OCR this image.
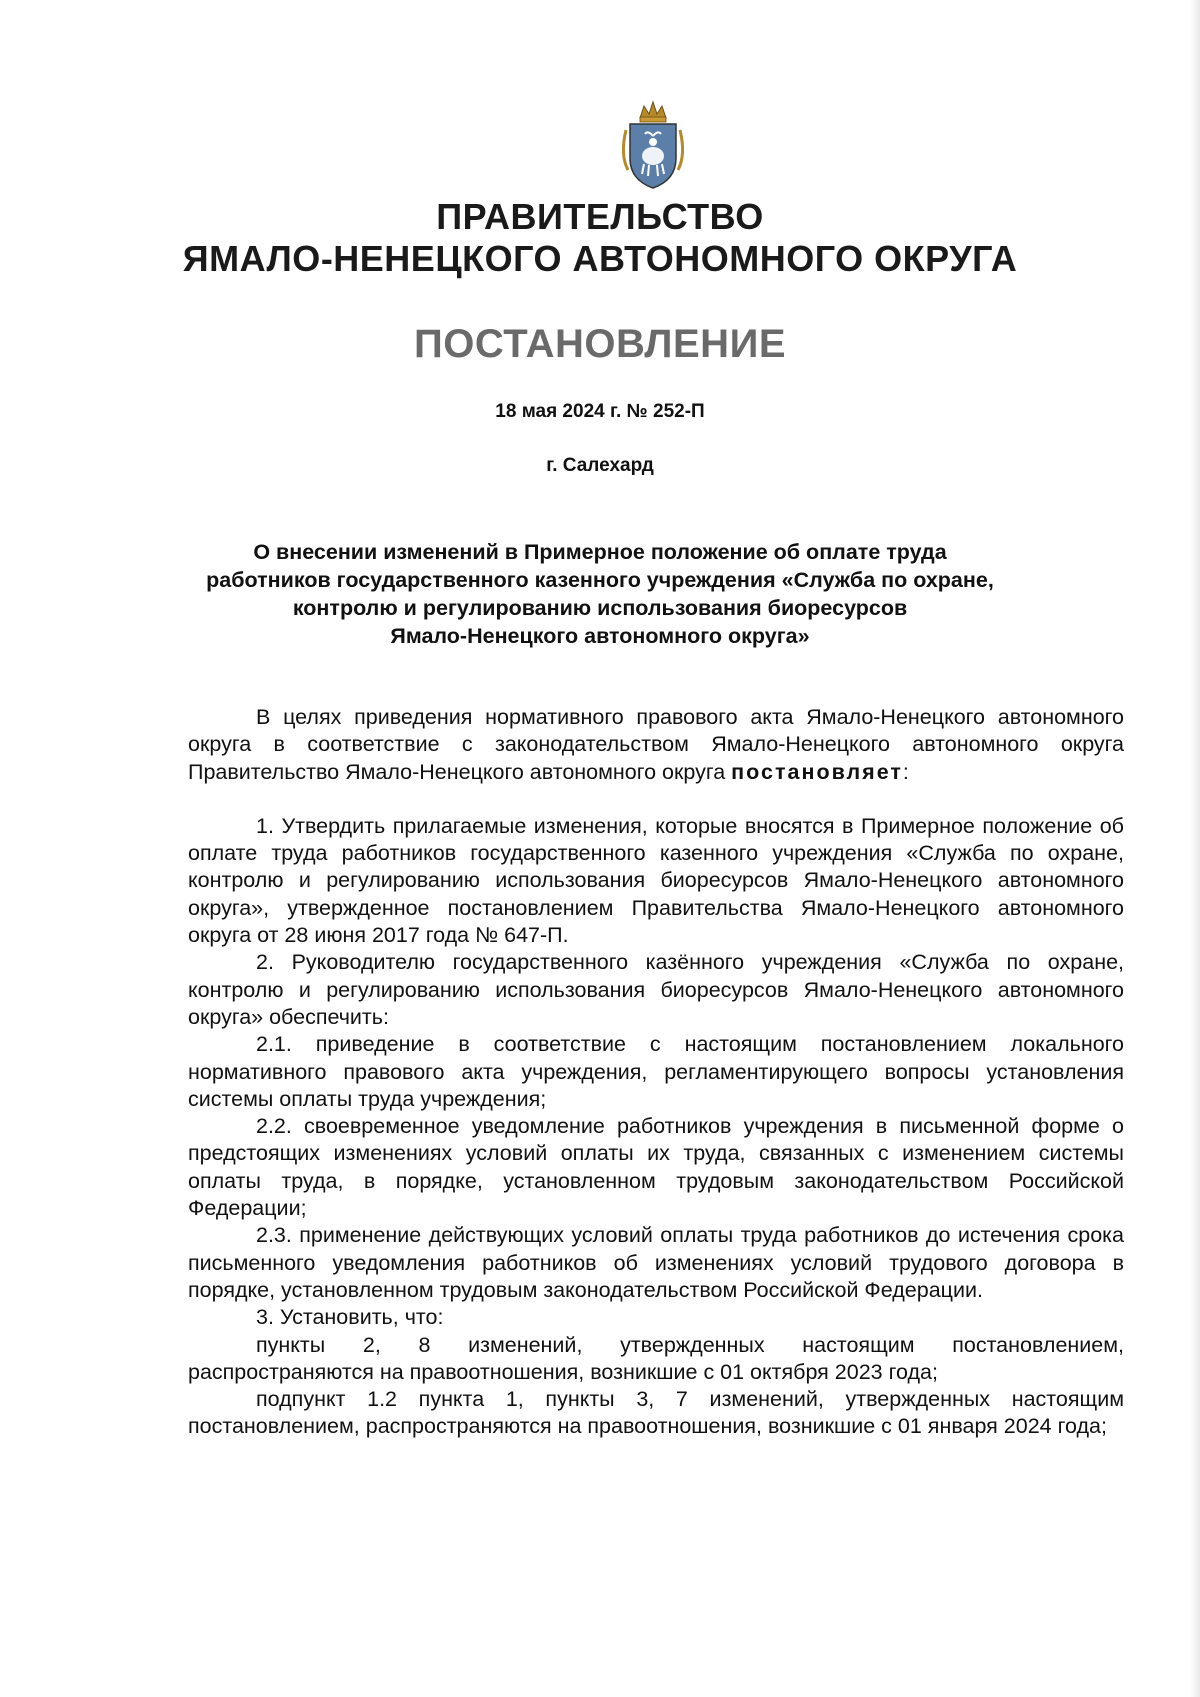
ПРАВИТЕЛЬСТВО
ЯМАЛО-НЕНЕЦКОГО АВТОНОМНОГО ОКРУГА
ПОСТАНОВЛЕНИЕ
18 мая 2024 г. № 252-П
г. Салехард
О внесении изменений в Примерное положение об оплате труда
работников государственного казенного учреждения «Служба по охране,
контролю и регулированию использования биоресурсов
Ямало-Ненецкого автономного округа»

В целях приведения нормативного правового акта Ямало-Ненецкого автономного округа в соответствие с законодательством Ямало-Ненецкого автономного округа Правительство Ямало-Ненецкого автономного округа постановляет:

1. Утвердить прилагаемые изменения, которые вносятся в Примерное положение об оплате труда работников государственного казенного учреждения «Служба по охране, контролю и регулированию использования биоресурсов Ямало-Ненецкого автономного округа», утвержденное постановлением Правительства Ямало-Ненецкого автономного округа от 28 июня 2017 года № 647-П.

2. Руководителю государственного казённого учреждения «Служба по охране, контролю и регулированию использования биоресурсов Ямало-Ненецкого автономного округа» обеспечить:

2.1. приведение в соответствие с настоящим постановлением локального нормативного правового акта учреждения, регламентирующего вопросы установления системы оплаты труда учреждения;

2.2. своевременное уведомление работников учреждения в письменной форме о предстоящих изменениях условий оплаты их труда, связанных с изменением системы оплаты труда, в порядке, установленном трудовым законодательством Российской Федерации;

2.3. применение действующих условий оплаты труда работников до истечения срока письменного уведомления работников об изменениях условий трудового договора в порядке, установленном трудовым законодательством Российской Федерации.

3. Установить, что:

пункты 2, 8 изменений, утвержденных настоящим постановлением, распространяются на правоотношения, возникшие с 01 октября 2023 года;

подпункт 1.2 пункта 1, пункты 3, 7 изменений, утвержденных настоящим постановлением, распространяются на правоотношения, возникшие с 01 января 2024 года;
